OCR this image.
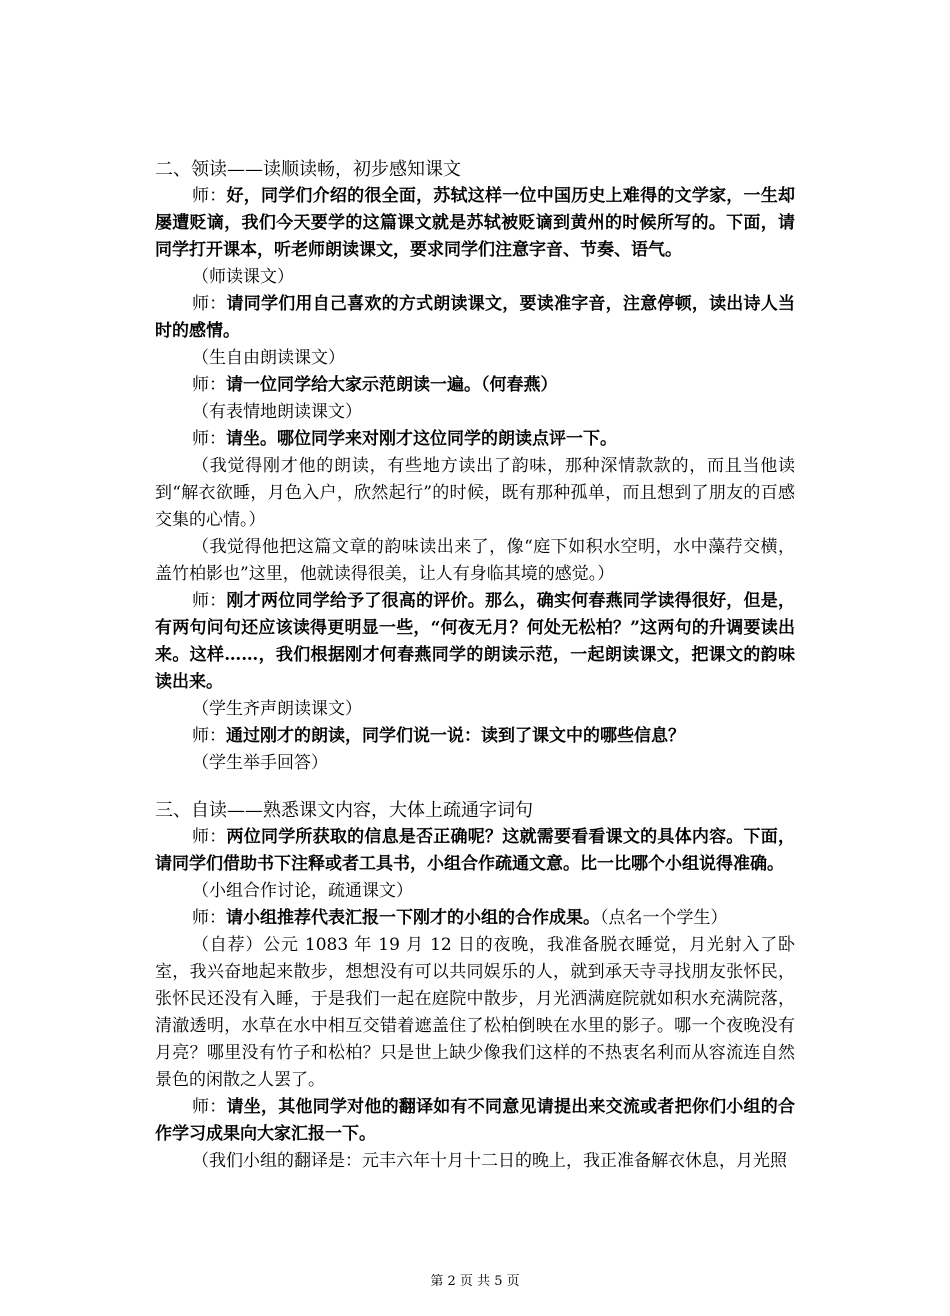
二、领读——读顺读畅，初步感知课文

师：好，同学们介绍的很全面，苏轼这样一位中国历史上难得的文学家，一生却屡遭贬谪，我们今天要学的这篇课文就是苏轼被贬谪到黄州的时候所写的。下面，请同学打开课本，听老师朗读课文，要求同学们注意字音、节奏、语气。

（师读课文）

师：请同学们用自己喜欢的方式朗读课文，要读准字音，注意停顿，读出诗人当时的感情。

（生自由朗读课文）

师：请一位同学给大家示范朗读一遍。（何春燕）

（有表情地朗读课文）

师：请坐。哪位同学来对刚才这位同学的朗读点评一下。

（我觉得刚才他的朗读，有些地方读出了韵味，那种深情款款的，而且当他读到“解衣欲睡，月色入户，欣然起行”的时候，既有那种孤单，而且想到了朋友的百感交集的心情。）

（我觉得他把这篇文章的韵味读出来了，像“庭下如积水空明，水中藻荇交横，盖竹柏影也”这里，他就读得很美，让人有身临其境的感觉。）

师：刚才两位同学给予了很高的评价。那么，确实何春燕同学读得很好，但是，有两句问句还应该读得更明显一些，“何夜无月？何处无松柏？”这两句的升调要读出来。这样……，我们根据刚才何春燕同学的朗读示范，一起朗读课文，把课文的韵味读出来。

（学生齐声朗读课文）

师：通过刚才的朗读，同学们说一说：读到了课文中的哪些信息？

（学生举手回答）

三、自读——熟悉课文内容，大体上疏通字词句

师：两位同学所获取的信息是否正确呢？这就需要看看课文的具体内容。下面，请同学们借助书下注释或者工具书，小组合作疏通文意。比一比哪个小组说得准确。

（小组合作讨论，疏通课文）

师：请小组推荐代表汇报一下刚才的小组的合作成果。（点名一个学生）

（自荐）公元 1083 年 19 月 12 日的夜晚，我准备脱衣睡觉，月光射入了卧室，我兴奋地起来散步，想想没有可以共同娱乐的人，就到承天寺寻找朋友张怀民，张怀民还没有入睡，于是我们一起在庭院中散步，月光洒满庭院就如积水充满院落，清澈透明，水草在水中相互交错着遮盖住了松柏倒映在水里的影子。哪一个夜晚没有月亮？哪里没有竹子和松柏？只是世上缺少像我们这样的不热衷名利而从容流连自然景色的闲散之人罢了。

师：请坐，其他同学对他的翻译如有不同意见请提出来交流或者把你们小组的合作学习成果向大家汇报一下。

（我们小组的翻译是：元丰六年十月十二日的晚上，我正准备解衣休息，月光照

第 2 页 共 5 页
